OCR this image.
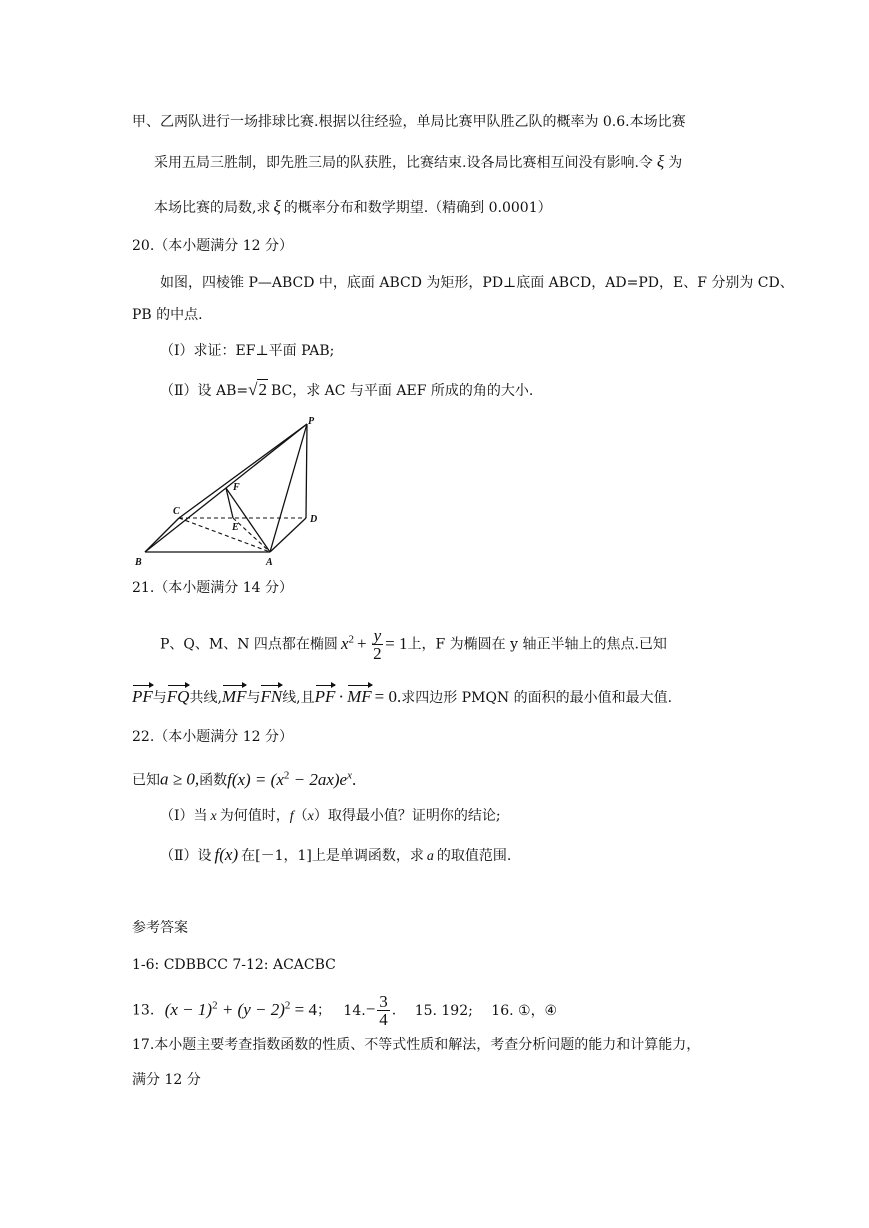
甲、乙两队进行一场排球比赛.根据以往经验，单局比赛甲队胜乙队的概率为 0.6.本场比赛
采用五局三胜制，即先胜三局的队获胜，比赛结束.设各局比赛相互间没有影响.令 ξ 为
本场比赛的局数,求 ξ 的概率分布和数学期望.（精确到 0.0001）
20.（本小题满分 12 分）
如图，四棱锥 P—ABCD 中，底面 ABCD 为矩形，PD⊥底面 ABCD，AD=PD，E、F 分别为 CD、
PB 的中点.
（Ⅰ）求证：EF⊥平面 PAB;
（Ⅱ）设 AB=√2 BC，求 AC 与平面 AEF 所成的角的大小.
P
F
C
E
D
B	A
21.（本小题满分 14 分）
P、Q、M、N 四点都在椭圆 $x^2 + \frac{y}{2} = 1$上，F 为椭圆在 y 轴正半轴上的焦点.已知
PF与FQ共线,MF与FN线,且PF · MF = 0.求四边形 PMQN 的面积的最小值和最大值.
22.（本小题满分 12 分）
已知a ≥ 0,函数$f(x) = (x^2 - 2ax)e^x$.
（Ⅰ）当 x 为何值时，f（x）取得最小值？证明你的结论;
（Ⅱ）设 f(x) 在[－1，1]上是单调函数，求 a 的取值范围.
参考答案
1-6: CDBBCC 7-12: ACACBC
13. $(x - 1)^2 + (y - 2)^2 = 4$； $14.- \frac{3}{4}$ . 15. 192; 16. ①，④
17.本小题主要考查指数函数的性质、不等式性质和解法，考查分析问题的能力和计算能力，
满分 12 分
